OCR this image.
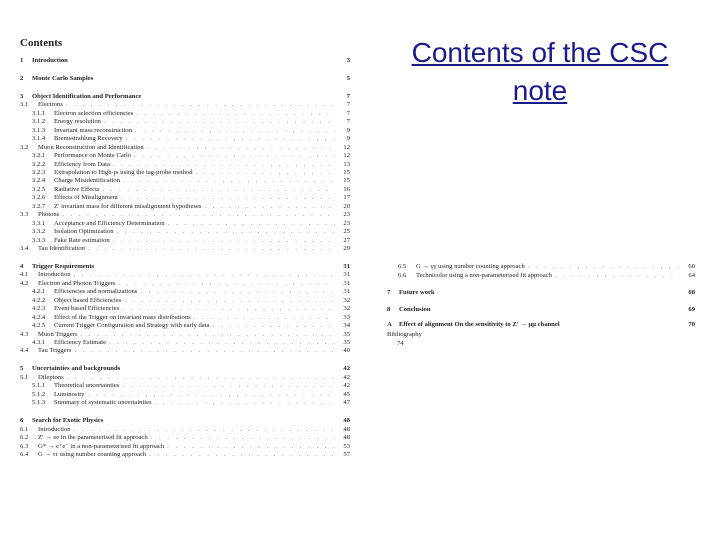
Contents
1	Introduction	3
2	Monte Carlo Samples	5
3	Object Identification and Performance	7
3.1	Electrons . . .	7
3.1.1	Electron selection efficiencies . . .	7
3.1.2	Energy resolution . . .	7
3.1.3	Invariant mass reconstruction . . .	9
3.1.4	Bremsstrahlung Recovery . . .	9
3.2	Muon Reconstruction and Identification . . .	12
3.2.1	Performance on Monte Carlo . . .	12
3.2.2	Efficiency from Data . . .	13
3.2.3	Extrapolation to High-pₜ using the tag-probe method . . .	15
3.2.4	Charge Misidentification . . .	15
3.2.5	Radiative Effects . . .	16
3.2.6	Effects of Misalignment . . .	17
3.2.7	Z′ invariant mass for different misalignment hypotheses . . .	20
3.3	Photons . . .	23
3.3.1	Acceptance and Efficiency Determination . . .	23
3.3.2	Isolation Optimization . . .	25
3.3.3	Fake Rate estimation . . .	27
3.4	Tau Identification . . .	29
4	Trigger Requirements	31
4.1	Introduction . . .	31
4.2	Electron and Photon Triggers . . .	31
4.2.1	Efficiencies and normalizations . . .	31
4.2.2	Object based Efficiencies . . .	32
4.2.3	Event based Efficiencies . . .	32
4.2.4	Effect of the Trigger on invariant mass distributions . . .	33
4.2.5	Current Trigger Configuration and Strategy with early data . . .	34
4.3	Muon Triggers . . .	35
4.3.1	Efficiency Estimate . . .	35
4.4	Tau Triggers . . .	40
5	Uncertainties and backgrounds	42
5.1	Dileptons . . .	42
5.1.1	Theoretical uncertainties . . .	42
5.1.2	Luminosity . . .	45
5.1.3	Summary of systematic uncertainties . . .	47
6	Search for Exotic Physics	48
6.1	Introduction . . .	48
6.2	Z′ → ee in the parameterised fit approach . . .	48
6.3	G* → e⁺e⁻ in a non-parameterised fit approach . . .	53
6.4	G → ττ using number counting approach . . .	57
6.5	G → γγ using number counting approach . . .	60
6.6	Technicolor using a non-parameterised fit approach . . .	64
7	Future work	68
8	Conclusion	69
A	Effect of alignment On the sensitivity to Z′ → μμ channel	70
Bibliography
74
Contents of the CSC
note
